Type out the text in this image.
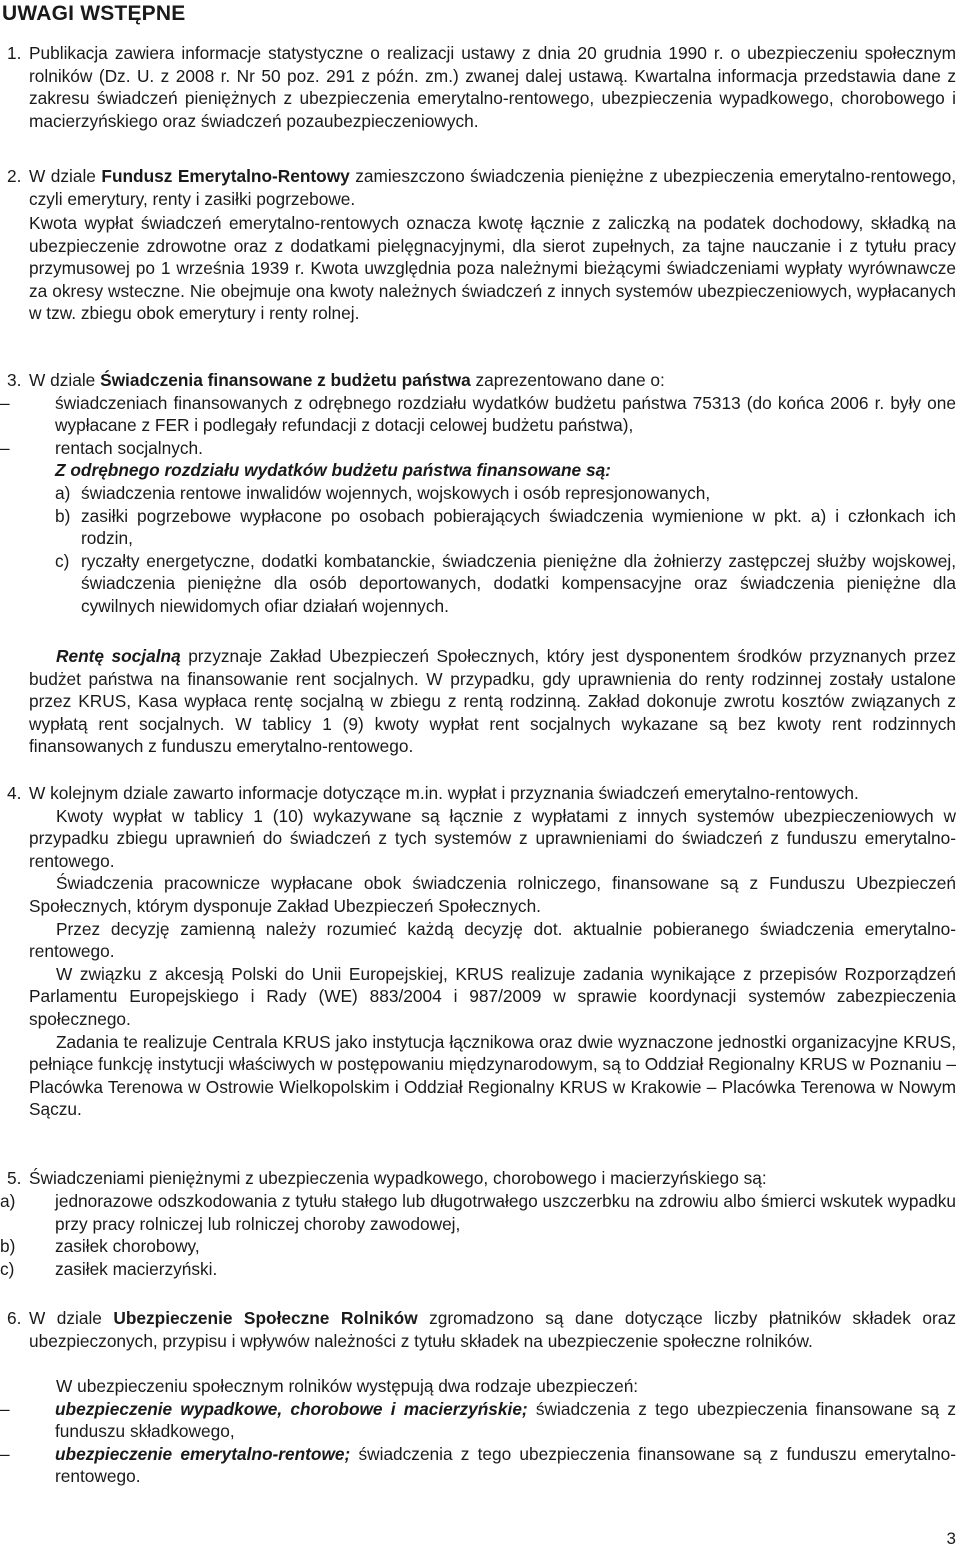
UWAGI WSTĘPNE
1. Publikacja zawiera informacje statystyczne o realizacji ustawy z dnia 20 grudnia 1990 r. o ubezpieczeniu społecznym rolników (Dz. U. z 2008 r. Nr 50 poz. 291 z późn. zm.) zwanej dalej ustawą. Kwartalna informacja przedstawia dane z zakresu świadczeń pieniężnych z ubezpieczenia emerytalno-rentowego, ubezpieczenia wypadkowego, chorobowego i macierzyńskiego oraz świadczeń pozaubezpieczeniowych.

2. W dziale Fundusz Emerytalno-Rentowy zamieszczono świadczenia pieniężne z ubezpieczenia emerytalno-rentowego, czyli emerytury, renty i zasiłki pogrzebowe.

Kwota wypłat świadczeń emerytalno-rentowych oznacza kwotę łącznie z zaliczką na podatek dochodowy, składką na ubezpieczenie zdrowotne oraz z dodatkami pielęgnacyjnymi, dla sierot zupełnych, za tajne nauczanie i z tytułu pracy przymusowej po 1 września 1939 r. Kwota uwzględnia poza należnymi bieżącymi świadczeniami wypłaty wyrównawcze za okresy wsteczne. Nie obejmuje ona kwoty należnych świadczeń z innych systemów ubezpieczeniowych, wypłacanych w tzw. zbiegu obok emerytury i renty rolnej.

3. W dziale Świadczenia finansowane z budżetu państwa zaprezentowano dane o:

–	świadczeniach finansowanych z odrębnego rozdziału wydatków budżetu państwa 75313 (do końca 2006 r. były one wypłacane z FER i podlegały refundacji z dotacji celowej budżetu państwa),
–	rentach socjalnych.

Z odrębnego rozdziału wydatków budżetu państwa finansowane są:

a) świadczenia rentowe inwalidów wojennych, wojskowych i osób represjonowanych,
b) zasiłki pogrzebowe wypłacone po osobach pobierających świadczenia wymienione w pkt. a) i członkach ich rodzin,
c) ryczałty energetyczne, dodatki kombatanckie, świadczenia pieniężne dla żołnierzy zastępczej służby wojskowej, świadczenia pieniężne dla osób deportowanych, dodatki kompensacyjne oraz świadczenia pieniężne dla cywilnych niewidomych ofiar działań wojennych.

Rentę socjalną przyznaje Zakład Ubezpieczeń Społecznych, który jest dysponentem środków przyznanych przez budżet państwa na finansowanie rent socjalnych. W przypadku, gdy uprawnienia do renty rodzinnej zostały ustalone przez KRUS, Kasa wypłaca rentę socjalną w zbiegu z rentą rodzinną. Zakład dokonuje zwrotu kosztów związanych z wypłatą rent socjalnych. W tablicy 1 (9) kwoty wypłat rent socjalnych wykazane są bez kwoty rent rodzinnych finansowanych z funduszu emerytalno-rentowego.

4. W kolejnym dziale zawarto informacje dotyczące m.in. wypłat i przyznania świadczeń emerytalno-rentowych.

Kwoty wypłat w tablicy 1 (10) wykazywane są łącznie z wypłatami z innych systemów ubezpieczeniowych w przypadku zbiegu uprawnień do świadczeń z tych systemów z uprawnieniami do świadczeń z funduszu emerytalno-rentowego.

Świadczenia pracownicze wypłacane obok świadczenia rolniczego, finansowane są z Funduszu Ubezpieczeń Społecznych, którym dysponuje Zakład Ubezpieczeń Społecznych.

Przez decyzję zamienną należy rozumieć każdą decyzję dot. aktualnie pobieranego świadczenia emerytalno-rentowego.

W związku z akcesją Polski do Unii Europejskiej, KRUS realizuje zadania wynikające z przepisów Rozporządzeń Parlamentu Europejskiego i Rady (WE) 883/2004 i 987/2009 w sprawie koordynacji systemów zabezpieczenia społecznego.

Zadania te realizuje Centrala KRUS jako instytucja łącznikowa oraz dwie wyznaczone jednostki organizacyjne KRUS, pełniące funkcję instytucji właściwych w postępowaniu międzynarodowym, są to Oddział Regionalny KRUS w Poznaniu – Placówka Terenowa w Ostrowie Wielkopolskim i Oddział Regionalny KRUS w Krakowie – Placówka Terenowa w Nowym Sączu.

5. Świadczeniami pieniężnymi z ubezpieczenia wypadkowego, chorobowego i macierzyńskiego są:

a) jednorazowe odszkodowania z tytułu stałego lub długotrwałego uszczerbku na zdrowiu albo śmierci wskutek wypadku przy pracy rolniczej lub rolniczej choroby zawodowej,
b) zasiłek chorobowy,
c) zasiłek macierzyński.
6. W dziale Ubezpieczenie Społeczne Rolników zgromadzono są dane dotyczące liczby płatników składek oraz ubezpieczonych, przypisu i wpływów należności z tytułu składek na ubezpieczenie społeczne rolników.

W ubezpieczeniu społecznym rolników występują dwa rodzaje ubezpieczeń:

–	ubezpieczenie wypadkowe, chorobowe i macierzyńskie; świadczenia z tego ubezpieczenia finansowane są z funduszu składkowego,
–	ubezpieczenie emerytalno-rentowe; świadczenia z tego ubezpieczenia finansowane są z funduszu emerytalno-rentowego.
3
